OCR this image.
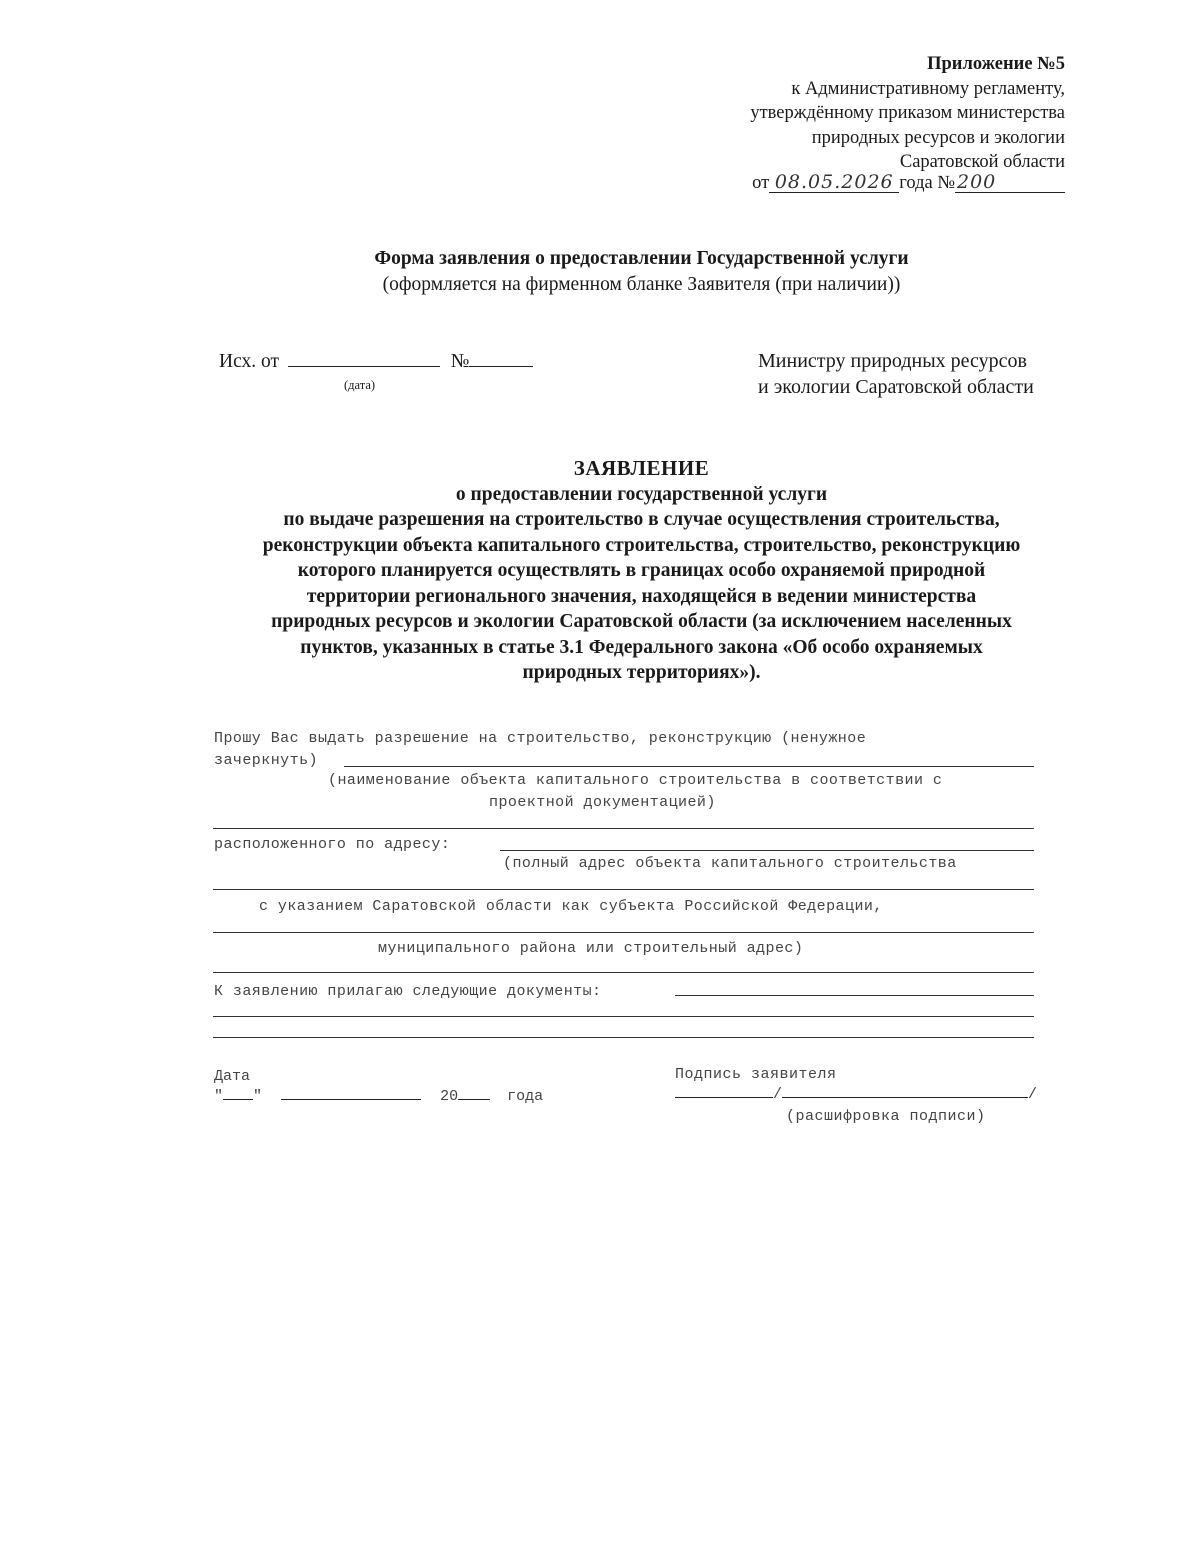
Приложение №5
к Административному регламенту,
утверждённому приказом министерства
природных ресурсов и экологии
Саратовской области
от 08.05.2026 года № 200
Форма заявления о предоставлении Государственной услуги
(оформляется на фирменном бланке Заявителя (при наличии))
Исх. от	№
(дата)
Министру природных ресурсов
и экологии Саратовской области
ЗАЯВЛЕНИЕ
о предоставлении государственной услуги
по выдаче разрешения на строительство в случае осуществления строительства,
реконструкции объекта капитального строительства, строительство, реконструкцию
которого планируется осуществлять в границах особо охраняемой природной
территории регионального значения, находящейся в ведении министерства
природных ресурсов и экологии Саратовской области (за исключением населенных
пунктов, указанных в статье 3.1 Федерального закона «Об особо охраняемых
природных территориях»).
Прошу Вас выдать разрешение на строительство, реконструкцию (ненужное
зачеркнуть)
(наименование объекта капитального строительства в соответствии с
проектной документацией)
расположенного по адресу:
(полный адрес объекта капитального строительства
с указанием Саратовской области как субъекта Российской Федерации,
муниципального района или строительный адрес)
К заявлению прилагаю следующие документы:
Дата
" "	20	года
Подпись заявителя
/	/
(расшифровка подписи)
